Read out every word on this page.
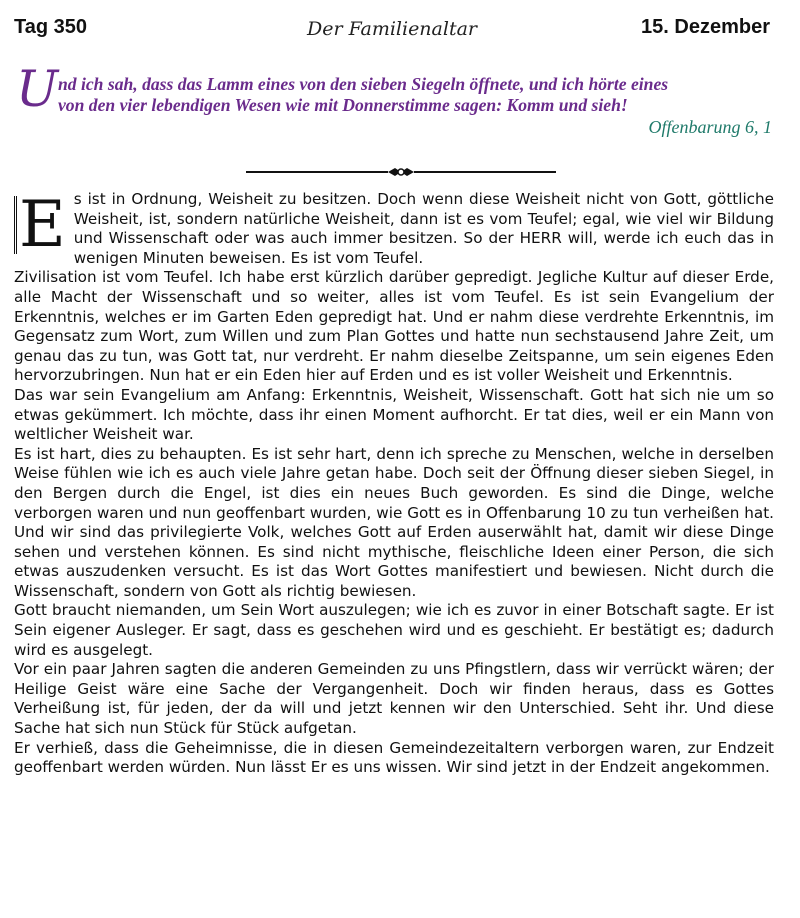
Tag 350	Der Familienaltar	15. Dezember
U nd ich sah, dass das Lamm eines von den sieben Siegeln öffnete, und ich hörte eines
von den vier lebendigen Wesen wie mit Donnerstimme sagen: Komm und sieh!
Offenbarung 6, 1

E s ist in Ordnung, Weisheit zu besitzen. Doch wenn diese Weisheit nicht von Gott, göttliche Weisheit, ist, sondern natürliche Weisheit, dann ist es vom Teufel; egal, wie viel wir Bildung und Wissenschaft oder was auch immer besitzen. So der HERR will, werde ich euch das in wenigen Minuten beweisen. Es ist vom Teufel.

Zivilisation ist vom Teufel. Ich habe erst kürzlich darüber gepredigt. Jegliche Kultur auf dieser Erde, alle Macht der Wissenschaft und so weiter, alles ist vom Teufel. Es ist sein Evangelium der Erkenntnis, welches er im Garten Eden gepredigt hat. Und er nahm diese verdrehte Erkenntnis, im Gegensatz zum Wort, zum Willen und zum Plan Gottes und hatte nun sechstausend Jahre Zeit, um genau das zu tun, was Gott tat, nur verdreht. Er nahm dieselbe Zeitspanne, um sein eigenes Eden hervorzubringen. Nun hat er ein Eden hier auf Erden und es ist voller Weisheit und Erkenntnis.

Das war sein Evangelium am Anfang: Erkenntnis, Weisheit, Wissenschaft. Gott hat sich nie um so etwas gekümmert. Ich möchte, dass ihr einen Moment aufhorcht. Er tat dies, weil er ein Mann von weltlicher Weisheit war.

Es ist hart, dies zu behaupten. Es ist sehr hart, denn ich spreche zu Menschen, welche in derselben Weise fühlen wie ich es auch viele Jahre getan habe. Doch seit der Öffnung dieser sieben Siegel, in den Bergen durch die Engel, ist dies ein neues Buch geworden. Es sind die Dinge, welche verborgen waren und nun geoffenbart wurden, wie Gott es in Offenbarung 10 zu tun verheißen hat. Und wir sind das privilegierte Volk, welches Gott auf Erden auserwählt hat, damit wir diese Dinge sehen und verstehen können. Es sind nicht mythische, fleischliche Ideen einer Person, die sich etwas auszudenken versucht. Es ist das Wort Gottes manifestiert und bewiesen. Nicht durch die Wissenschaft, sondern von Gott als richtig bewiesen.

Gott braucht niemanden, um Sein Wort auszulegen; wie ich es zuvor in einer Botschaft sagte. Er ist Sein eigener Ausleger. Er sagt, dass es geschehen wird und es geschieht. Er bestätigt es; dadurch wird es ausgelegt.

Vor ein paar Jahren sagten die anderen Gemeinden zu uns Pfingstlern, dass wir verrückt wären; der Heilige Geist wäre eine Sache der Vergangenheit. Doch wir finden heraus, dass es Gottes Verheißung ist, für jeden, der da will und jetzt kennen wir den Unterschied. Seht ihr. Und diese Sache hat sich nun Stück für Stück aufgetan.

Er verhieß, dass die Geheimnisse, die in diesen Gemeindezeitaltern verborgen waren, zur Endzeit geoffenbart werden würden. Nun lässt Er es uns wissen. Wir sind jetzt in der Endzeit angekommen.
